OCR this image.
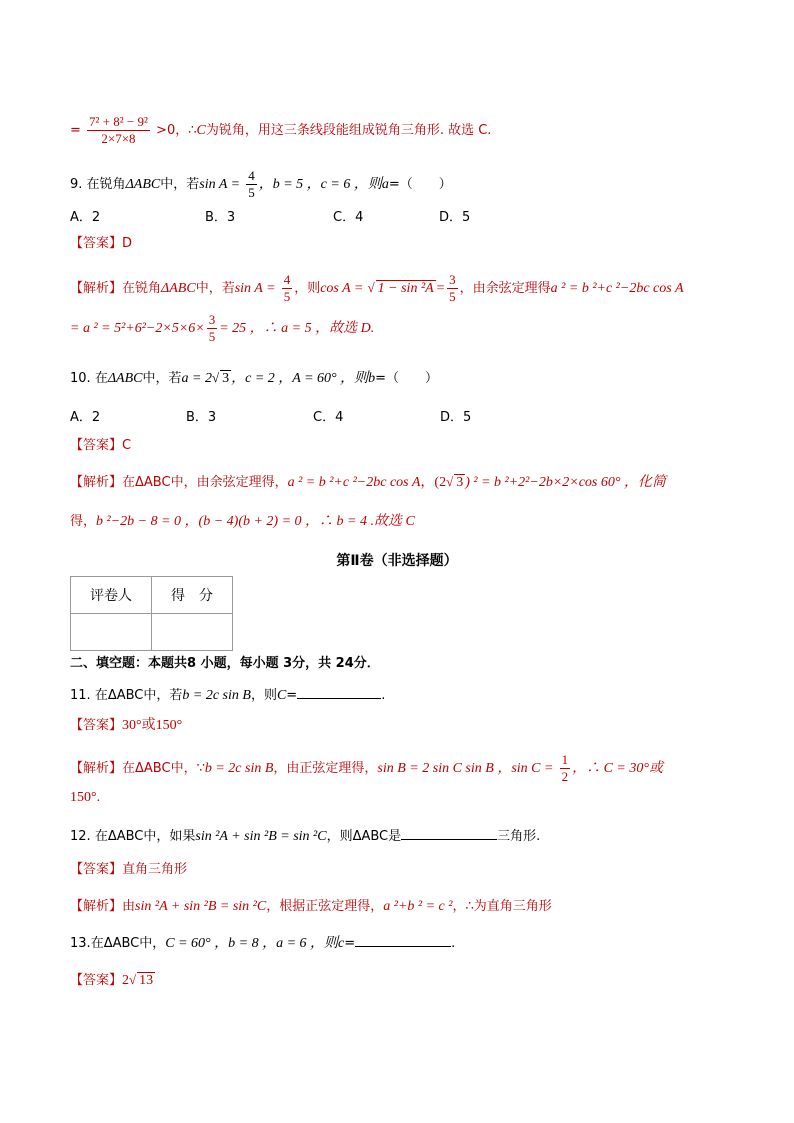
= $\frac{\text{7² + 8² − 9²}}{2\times 7\times 8} >0$，∴C为锐角，用这三条线段能组成锐角三角形. 故选 C.
9. 在锐角ΔABC中，若$\sin A = \frac{4}{5}$ ，b = 5 ，c = 6 ，则a=（　　）
A．2	B．3	C．4	D．5
【答案】D
【解析】在锐角ΔABC中，若$\sin A = \frac{4}{5}$ ，则cos A = √ $1 - \sin ^2A = \frac{3}{5}$ ，由余弦定理得a ² = b ²+c ²−2bc cos A
= a $^2 = 5^2+6^2-2\times 5\times 6\times \frac{3}{5} = 25$ ，∴ a = 5 ，故选 D.
10. 在ΔABC中，若a = 2√ 3 ，c = 2 ，A = 60° ，则b=（　　）
A．2	B．3	C．4	D．5
【答案】C
【解析】在ΔABC中，由余弦定理得，a ² = b ²+c ²−2bc cos A，(2√ 3 ) ² = b ²+2²−2b×2×cos 60° ，化简
得，b ²−2b − 8 = 0 ，(b − 4)(b + 2) = 0 ，∴ b = 4 .故选 C
第Ⅱ卷（非选择题）
评卷人	得　分

二、填空题：本题共8 小题，每小题 3分，共 24分．
11. 在ΔABC中，若b = 2c sin B，则C=	.
【答案】30°或150°
【解析】在ΔABC中，∵b = 2c sin B，由正弦定理得，sin B = 2 sin C sin B ，$\sin C = \frac{1}{2}$ ，∴ C = 30°或
150°.
12. 在ΔABC中，如果sin ²A + sin ²B = sin ²C，则ΔABC是	三角形.
【答案】直角三角形
【解析】由sin ²A + sin ²B = sin ²C，根据正弦定理得，a ²+b ² = c ²，∴为直角三角形
13.在ΔABC中，C = 60° ，b = 8 ，a = 6 ，则c=	.
【答案】2√ 13
